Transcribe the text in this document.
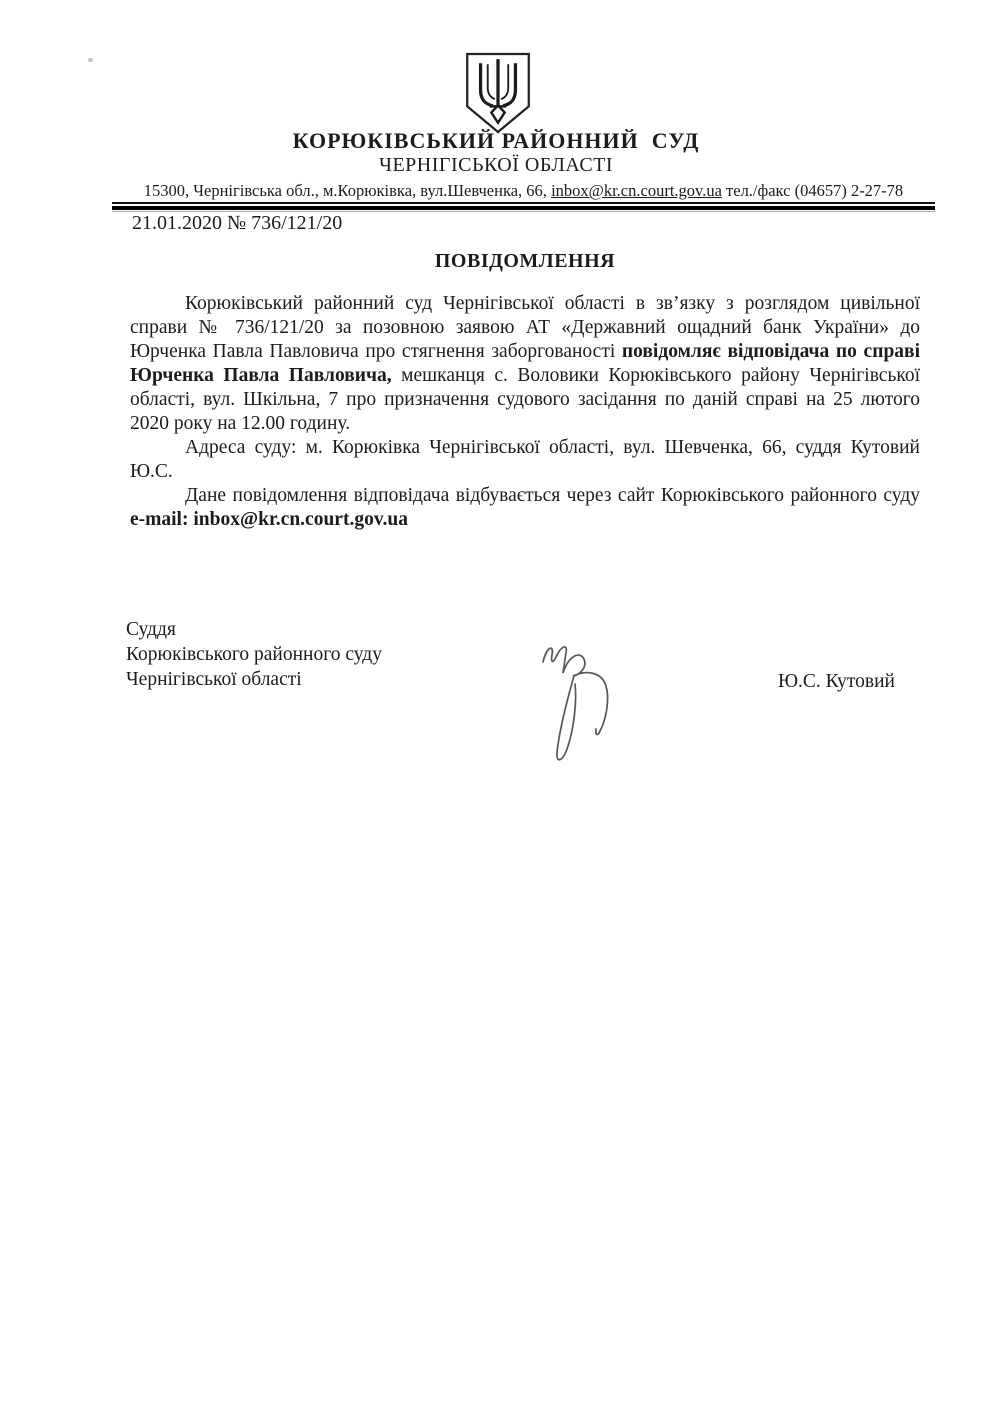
КОРЮКІВСЬКИЙ РАЙОННИЙ  СУД
ЧЕРНІГІСЬКОЇ ОБЛАСТІ
15300, Чернігівська обл., м.Корюківка, вул.Шевченка, 66, inbox@kr.cn.court.gov.ua тел./факс (04657) 2-27-78
21.01.2020 № 736/121/20
ПОВІДОМЛЕННЯ

Корюківський районний суд Чернігівської області в зв’язку з розглядом цивільної справи № 736/121/20 за позовною заявою АТ «Державний ощадний банк України» до Юрченка Павла Павловича про стягнення заборгованості повідомляє відповідача по справі Юрченка Павла Павловича, мешканця с. Воловики Корюківського району Чернігівської області, вул. Шкільна, 7 про призначення судового засідання по даній справі на 25 лютого 2020 року на 12.00 годину.

Адреса суду: м. Корюківка Чернігівської області, вул. Шевченка, 66, суддя Кутовий Ю.С.

Дане повідомлення відповідача відбувається через сайт Корюківського районного суду e-mail: inbox@kr.cn.court.gov.ua

Суддя
Корюківського районного суду
Чернігівської області	Ю.С. Кутовий
